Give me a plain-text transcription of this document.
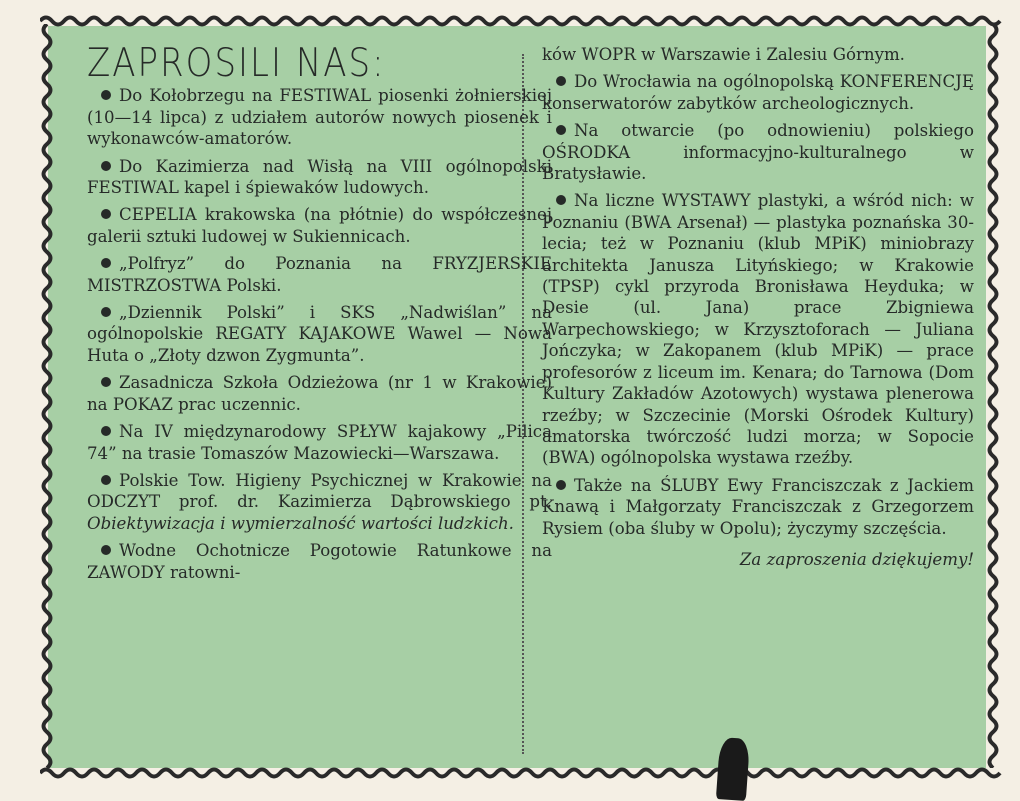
ZAPROSILI NAS:

Do Kołobrzegu na FESTIWAL piosenki żołnierskiej (10—14 lipca) z udziałem autorów nowych piosenek i wykonawców-amatorów.

Do Kazimierza nad Wisłą na VIII ogólnopolski FESTIWAL kapel i śpiewaków ludowych.

CEPELIA krakowska (na płótnie) do współczesnej galerii sztuki ludowej w Sukiennicach.

„Polfryz” do Poznania na FRYZJERSKIE MISTRZOSTWA Polski.

„Dziennik Polski” i SKS „Nadwiślan” na ogólnopolskie REGATY KAJAKOWE Wawel — Nowa Huta o „Złoty dzwon Zygmunta”.

Zasadnicza Szkoła Odzieżowa (nr 1 w Krakowie) na POKAZ prac uczennic.

Na IV międzynarodowy SPŁYW kajakowy „Pilica 74” na trasie Tomaszów Mazowiecki—Warszawa.

Polskie Tow. Higieny Psychicznej w Krakowie na ODCZYT prof. dr. Kazimierza Dąbrowskiego pt. Obiektywizacja i wymierzalność wartości ludzkich.

Wodne Ochotnicze Pogotowie Ratunkowe na ZAWODY ratowni-

ków WOPR w Warszawie i Zalesiu Górnym.

Do Wrocławia na ogólnopolską KONFERENCJĘ konserwatorów zabytków archeologicznych.

Na otwarcie (po odnowieniu) polskiego OŚRODKA informacyjno-kulturalnego w Bratysławie.

Na liczne WYSTAWY plastyki, a wśród nich: w Poznaniu (BWA Arsenał) — plastyka poznańska 30-lecia; też w Poznaniu (klub MPiK) miniobrazy architekta Janusza Lityńskiego; w Krakowie (TPSP) cykl przyroda Bronisława Heyduka; w Desie (ul. Jana) prace Zbigniewa Warpechowskiego; w Krzysztoforach — Juliana Jończyka; w Zakopanem (klub MPiK) — prace profesorów z liceum im. Kenara; do Tarnowa (Dom Kultury Zakładów Azotowych) wystawa plenerowa rzeźby; w Szczecinie (Morski Ośrodek Kultury) amatorska twórczość ludzi morza; w Sopocie (BWA) ogólnopolska wystawa rzeźby.

Także na ŚLUBY Ewy Franciszczak z Jackiem Knawą i Małgorzaty Franciszczak z Grzegorzem Rysiem (oba śluby w Opolu); życzymy szczęścia.

Za zaproszenia dziękujemy!
